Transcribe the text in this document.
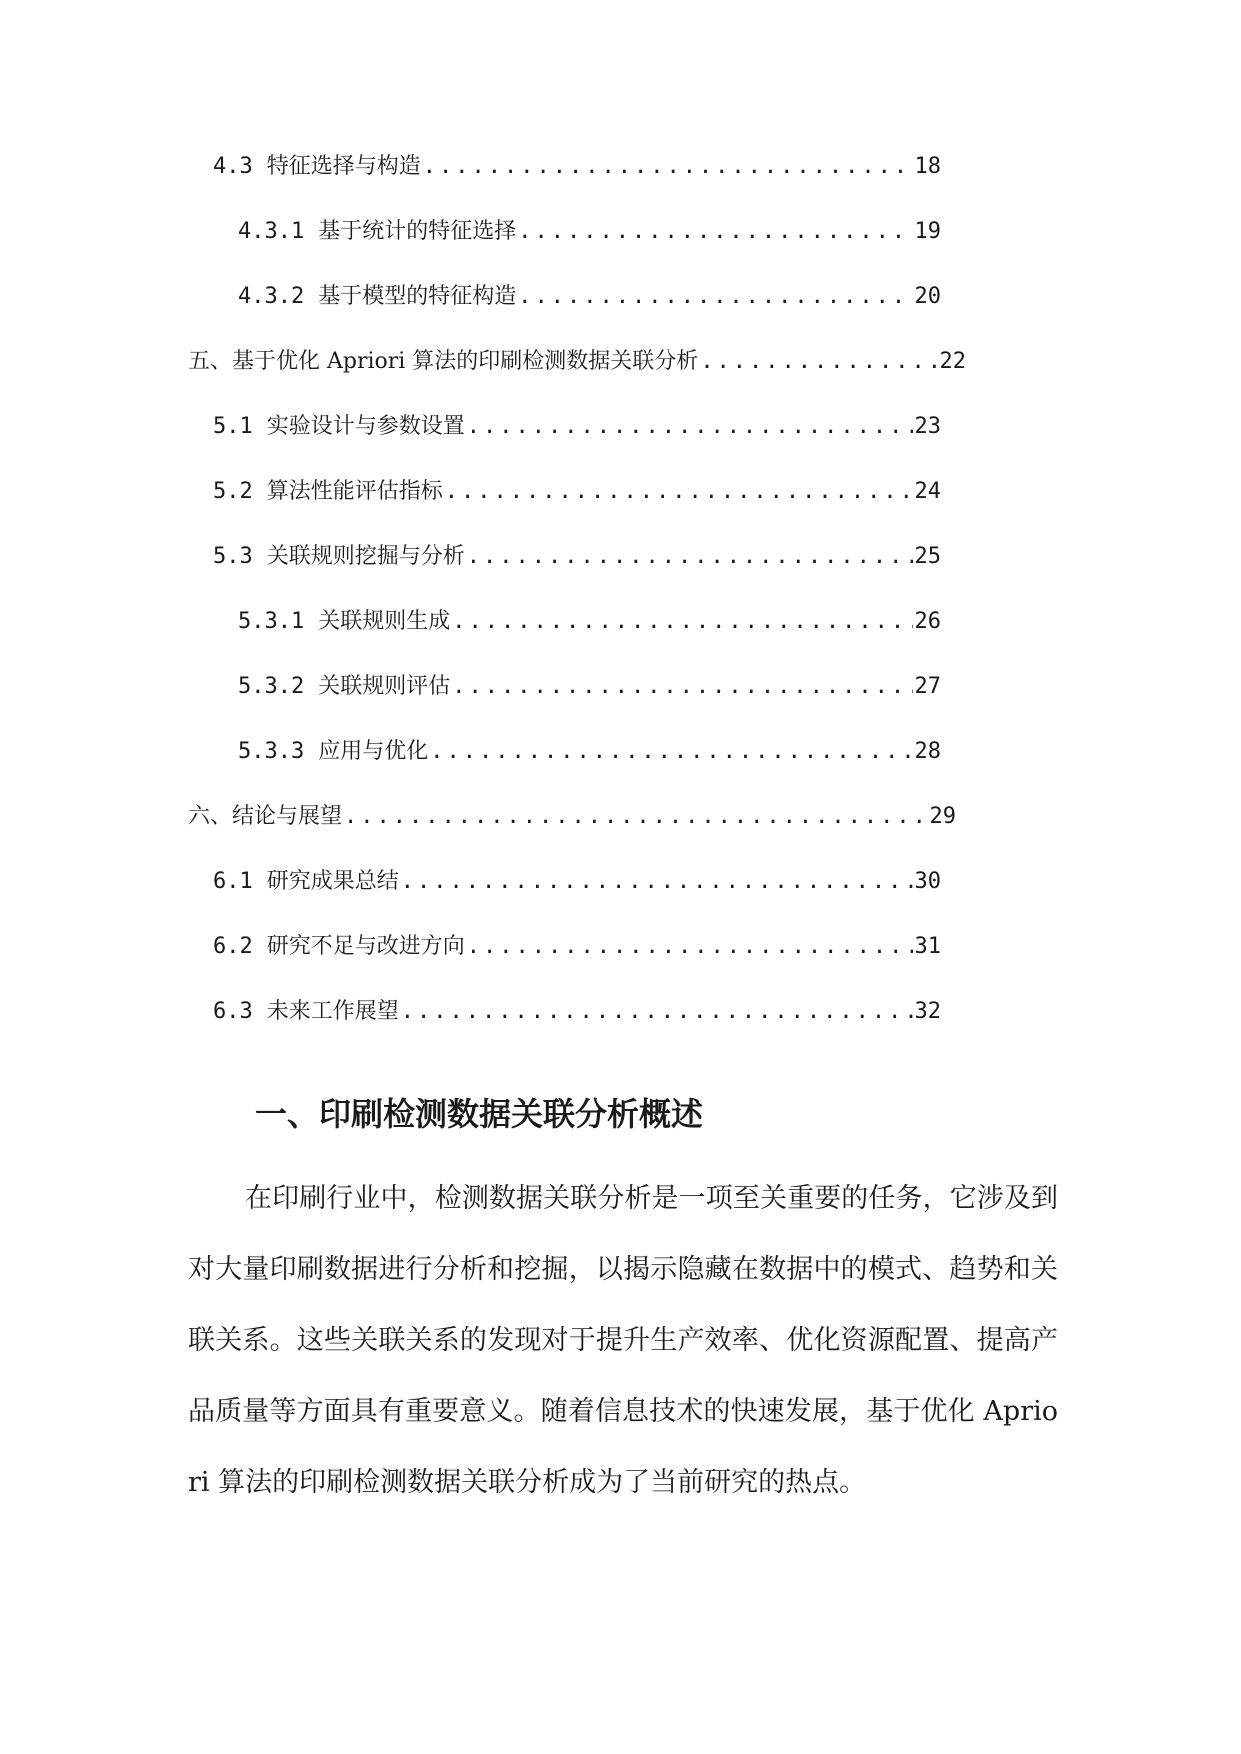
4.3 特征选择与构造 .....	18
4.3.1 基于统计的特征选择 .....	19
4.3.2 基于模型的特征构造 .....	20
五、基于优化 Apriori 算法的印刷检测数据关联分析 .....	22
5.1 实验设计与参数设置 .....	23
5.2 算法性能评估指标 .....	24
5.3 关联规则挖掘与分析 .....	25
5.3.1 关联规则生成 .....	26
5.3.2 关联规则评估 .....	27
5.3.3 应用与优化 .....	28
六、结论与展望 .....	29
6.1 研究成果总结 .....	30
6.2 研究不足与改进方向 .....	31
6.3 未来工作展望 .....	32
一、印刷检测数据关联分析概述

在印刷行业中，检测数据关联分析是一项至关重要的任务，它涉及到对大量印刷数据进行分析和挖掘，以揭示隐藏在数据中的模式、趋势和关联关系。这些关联关系的发现对于提升生产效率、优化资源配置、提高产品质量等方面具有重要意义。随着信息技术的快速发展，基于优化 Apriori 算法的印刷检测数据关联分析成为了当前研究的热点。
